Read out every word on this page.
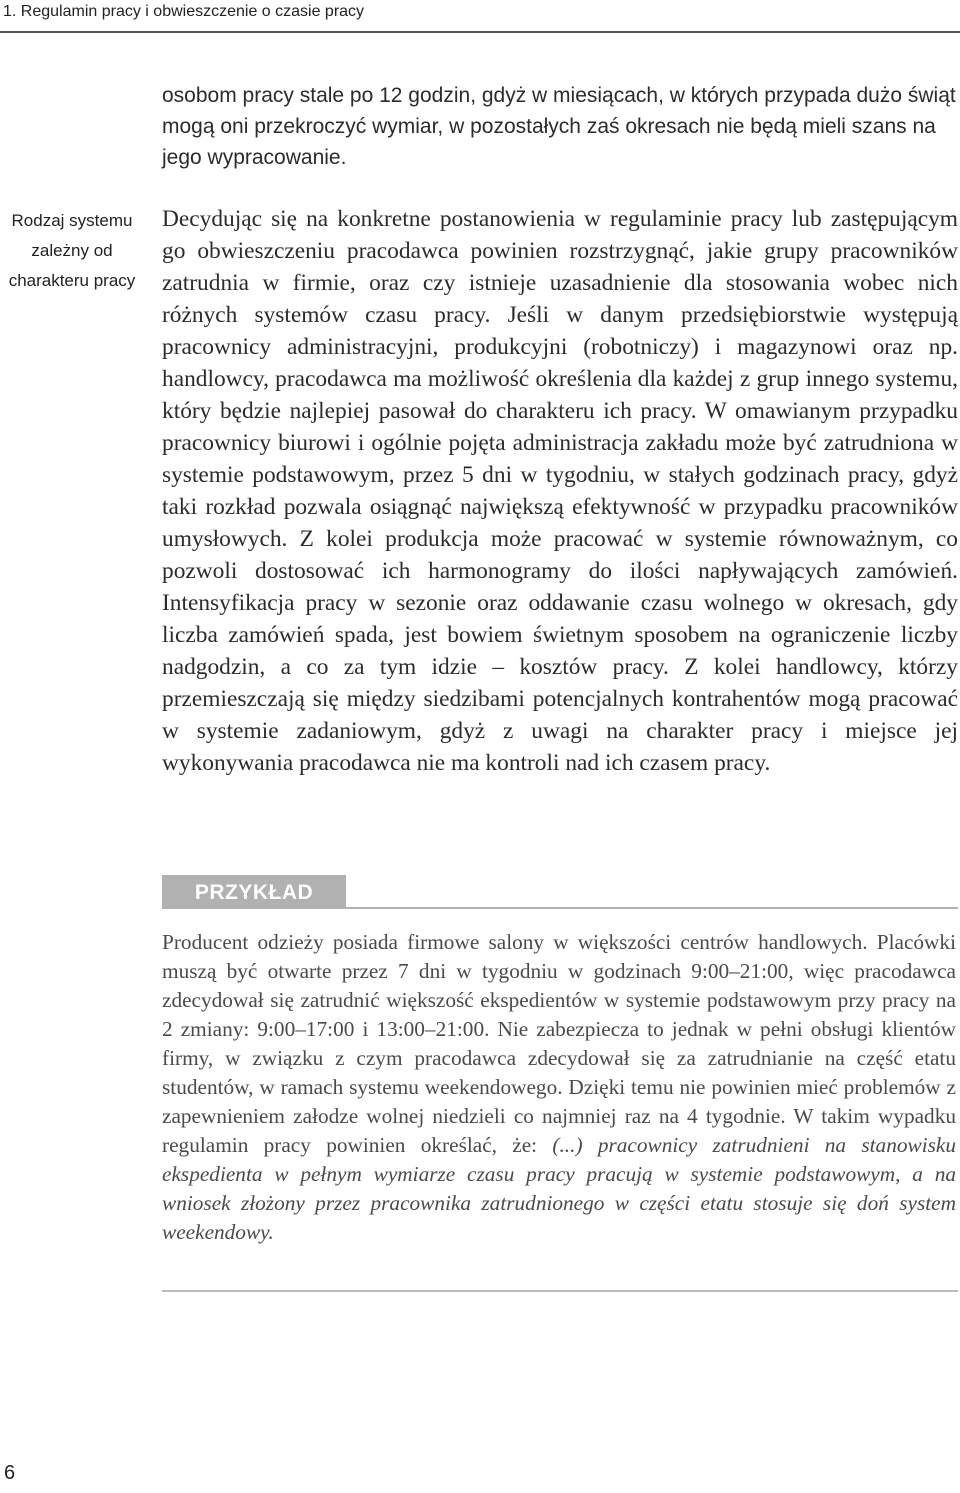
1. Regulamin pracy i obwieszczenie o czasie pracy

osobom pracy stale po 12 godzin, gdyż w miesiącach, w których przypada dużo świąt mogą oni przekroczyć wymiar, w pozostałych zaś okresach nie będą mieli szans na jego wypracowanie.

Rodzaj systemu
zależny od
charakteru pracy

Decydując się na konkretne postanowienia w regulaminie pracy lub zastępującym go obwieszczeniu pracodawca powinien rozstrzygnąć, jakie grupy pracowników zatrudnia w firmie, oraz czy istnieje uzasadnienie dla stosowania wobec nich różnych systemów czasu pracy. Jeśli w danym przedsiębiorstwie występują pracownicy administracyjni, produkcyjni (robotniczy) i magazynowi oraz np. handlowcy, pracodawca ma możliwość określenia dla każdej z grup innego systemu, który będzie najlepiej pasował do charakteru ich pracy. W omawianym przypadku pracownicy biurowi i ogólnie pojęta administracja zakładu może być zatrudniona w systemie podstawowym, przez 5 dni w tygodniu, w stałych godzinach pracy, gdyż taki rozkład pozwala osiągnąć największą efektywność w przypadku pracowników umysłowych. Z kolei produkcja może pracować w systemie równoważnym, co pozwoli dostosować ich harmonogramy do ilości napływających zamówień. Intensyfikacja pracy w sezonie oraz oddawanie czasu wolnego w okresach, gdy liczba zamówień spada, jest bowiem świetnym sposobem na ograniczenie liczby nadgodzin, a co za tym idzie – kosztów pracy. Z kolei handlowcy, którzy przemieszczają się między siedzibami potencjalnych kontrahentów mogą pracować w systemie zadaniowym, gdyż z uwagi na charakter pracy i miejsce jej wykonywania pracodawca nie ma kontroli nad ich czasem pracy.

PRZYKŁAD

Producent odzieży posiada firmowe salony w większości centrów handlowych. Placówki muszą być otwarte przez 7 dni w tygodniu w godzinach 9:00–21:00, więc pracodawca zdecydował się zatrudnić większość ekspedientów w systemie podstawowym przy pracy na 2 zmiany: 9:00–17:00 i 13:00–21:00. Nie zabezpiecza to jednak w pełni obsługi klientów firmy, w związku z czym pracodawca zdecydował się za zatrudnianie na część etatu studentów, w ramach systemu weekendowego. Dzięki temu nie powinien mieć problemów z zapewnieniem załodze wolnej niedzieli co najmniej raz na 4 tygodnie. W takim wypadku regulamin pracy powinien określać, że: (...) pracownicy zatrudnieni na stanowisku ekspedienta w pełnym wymiarze czasu pracy pracują w systemie podstawowym, a na wniosek złożony przez pracownika zatrudnionego w części etatu stosuje się doń system weekendowy.

6
